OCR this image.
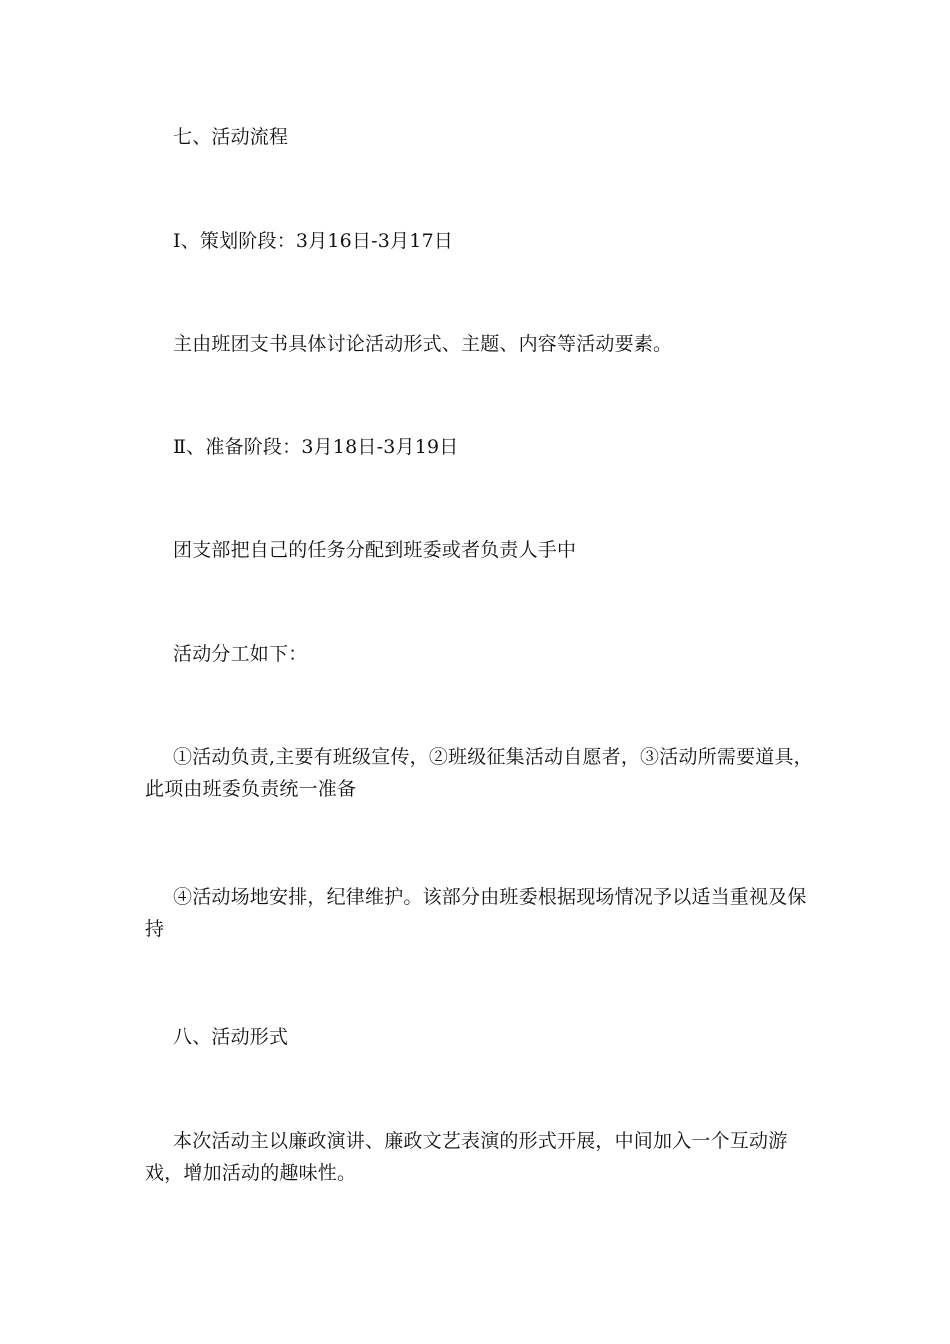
七、活动流程
Ⅰ、策划阶段：3月16日-3月17日
主由班团支书具体讨论活动形式、主题、内容等活动要素。
Ⅱ、准备阶段：3月18日-3月19日
团支部把自己的任务分配到班委或者负责人手中
活动分工如下：
①活动负责,主要有班级宣传，②班级征集活动自愿者，③活动所需要道具，此项由班委负责统一准备
④活动场地安排，纪律维护。该部分由班委根据现场情况予以适当重视及保持
八、活动形式
本次活动主以廉政演讲、廉政文艺表演的形式开展，中间加入一个互动游戏，增加活动的趣味性。
